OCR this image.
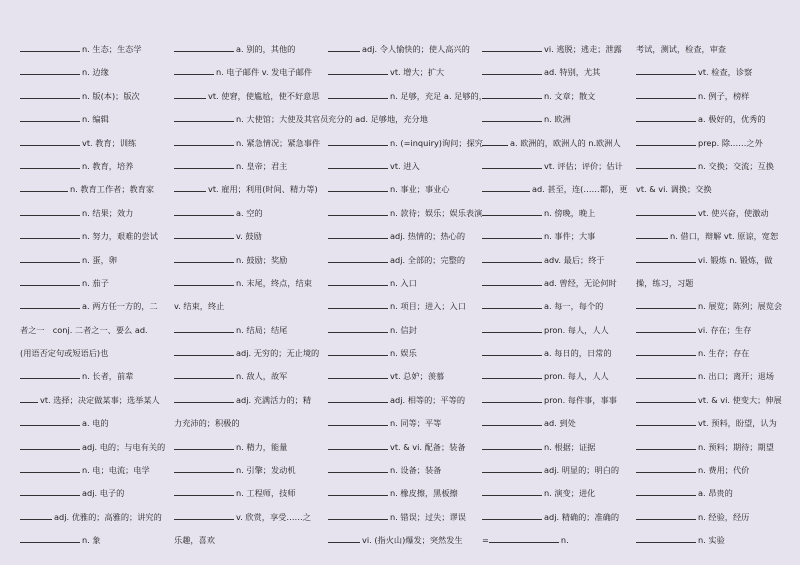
n. 生态；生态学
n. 边缘
n. 版(本)；版次
n. 编辑
vt. 教育；训练
n. 教育，培养
n. 教育工作者；教育家
n. 结果；效力
n. 努力，艰难的尝试
n. 蛋，卵
n. 茄子
a. 两方任一方的，二
者之一　conj. 二者之一、要么 ad.
(用语否定句或短语后)也
n. 长者，前辈
vt. 选择；决定做某事；选举某人
a. 电的
adj. 电的；与电有关的
n. 电；电流；电学
adj. 电子的
adj. 优雅的；高雅的；讲究的
n. 象
a. 别的，其他的
n. 电子邮件 v. 发电子邮件
vt. 使窘，使尴尬，使不好意思
n. 大使馆；大使及其官员
n. 紧急情况；紧急事件
n. 皇帝；君主
vt. 雇用；利用(时间、精力等)
a. 空的
v. 鼓励
n. 鼓励；奖励
n. 末尾，终点，结束
v. 结束，终止
n. 结局；结尾
adj. 无穷的；无止境的
n. 敌人，故军
adj. 充满活力的；精
力充沛的；积极的
n. 精力，能量
n. 引擎；发动机
n. 工程师，技师
v. 欣赏，享受……之
乐趣，喜欢
adj. 令人愉快的；使人高兴的
vt. 增大；扩大
n. 足够，充足 a. 足够的，
充分的 ad. 足够地，充分地
n. (=inquiry)询问；探究
vt. 进入
n. 事业；事业心
n. 款待；娱乐；娱乐表演
adj. 热情的；热心的
adj. 全部的；完整的
n. 入口
n. 项目；进入；入口
n. 信封
n. 娱乐
vt. 总妒；羡慕
adj. 相等的；平等的
n. 同等；平等
vt. & vi. 配备；装备
n. 设备；装备
n. 橡皮擦，黑板擦
n. 错误；过失；谬误
vi. (指火山)爆发；突然发生
vi. 逃脱；逃走；泄露
ad. 特别，尤其
n. 文章；散文
n. 欧洲
a. 欧洲的，欧洲人的 n.欧洲人
vt. 评估；评价；估计
ad. 甚至，连(……都)，更
n. 傍晚，晚上
n. 事件；大事
adv. 最后；终于
ad. 曾经，无论何时
a. 每一，每个的
pron. 每人，人人
a. 每日的，日常的
pron. 每人，人人
pron. 每件事，事事
ad. 到处
n. 根据；证据
adj. 明显的；明白的
n. 演变；进化
adj. 精确的；准确的
=	n.
考试，测试，检查，审查
vt. 检查，诊察
n. 例子，榜样
a. 极好的，优秀的
prep. 除……之外
n. 交换；交流；互换
vt. & vi. 调换；交换
vt. 使兴奋，使激动
n. 借口，辩解 vt. 原谅，宽恕
vi. 锻炼 n. 锻炼，做
操，练习，习题
n. 展览；陈列；展览会
vi. 存在；生存
n. 生存；存在
n. 出口；离开；退场
vt. & vi. 使变大；伸展
vt. 预料，盼望，认为
n. 预料；期待；期望
n. 费用；代价
a. 昂贵的
n. 经验，经历
n. 实验
